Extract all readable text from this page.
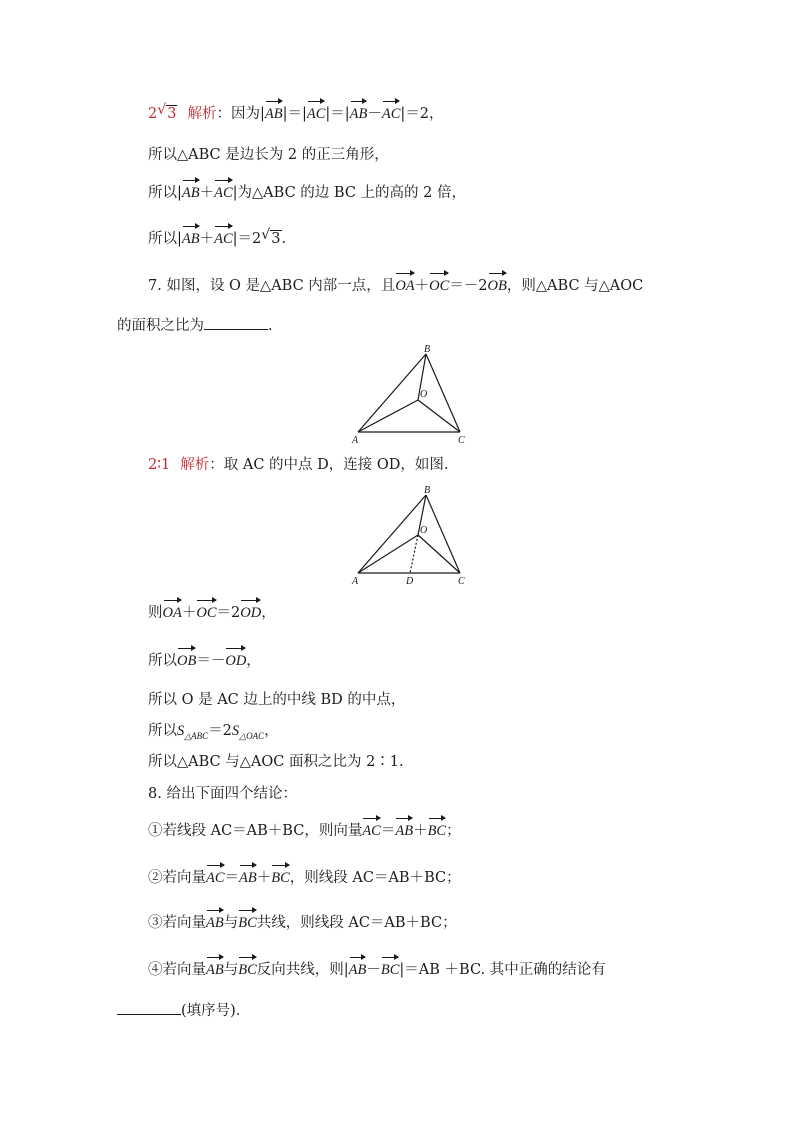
2 √ 3 解析：因为|AB|＝|AC|＝|AB－AC|＝2，
所以△ABC 是边长为 2 的正三角形，
所以|AB＋AC|为△ABC 的边 BC 上的高的 2 倍，
所以|AB＋AC|＝2 √ 3.
7. 如图，设 O 是△ABC 内部一点，且OA＋OC＝－2OB，则△ABC 与△AOC
的面积之比为	.
B
O
A	C
2∶1 解析：取 AC 的中点 D，连接 OD，如图.
B
O
A	D	C
则OA＋OC＝2OD，
所以OB＝－OD，
所以 O 是 AC 边上的中线 BD 的中点，
所以$S_{\triangle ABC}=2S_{\triangle OAC}$，
所以△ABC 与△AOC 面积之比为 2∶1.
8. 给出下面四个结论：
①若线段 AC＝AB＋BC，则向量AC＝AB＋BC；
②若向量AC＝AB＋BC，则线段 AC＝AB＋BC；
③若向量AB与BC共线，则线段 AC＝AB＋BC；
④若向量AB与BC反向共线，则|AB－BC|＝AB ＋BC. 其中正确的结论有
(填序号)．
